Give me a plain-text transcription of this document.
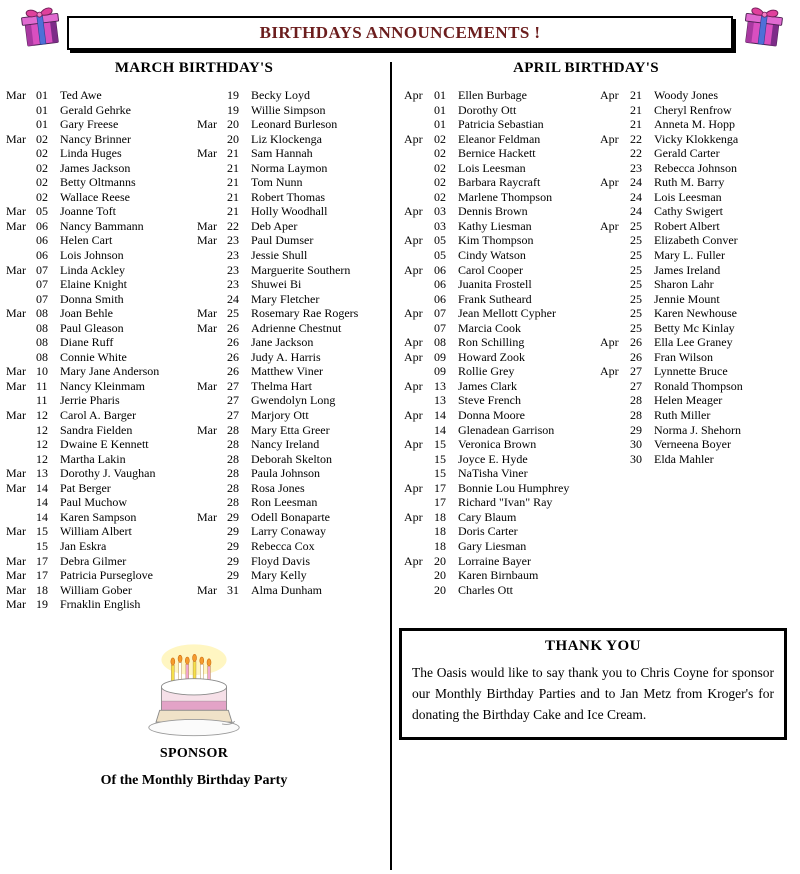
BIRTHDAYS ANNOUNCEMENTS !
MARCH BIRTHDAY'S
Mar 01	Ted Awe
01	Gerald Gehrke
01	Gary Freese
Mar 02	Nancy Brinner
02	Linda Huges
02	James Jackson
02	Betty Oltmanns
02	Wallace Reese
Mar 05	Joanne Toft
Mar 06	Nancy Bammann
06	Helen Cart
06	Lois Johnson
Mar 07	Linda Ackley
07	Elaine Knight
07	Donna Smith
Mar 08	Joan Behle
08	Paul Gleason
08	Diane Ruff
08	Connie White
Mar 10	Mary Jane Anderson
Mar 11	Nancy Kleinmam
11	Jerrie Pharis
Mar 12	Carol A. Barger
12	Sandra Fielden
12	Dwaine E Kennett
12	Martha Lakin
Mar 13	Dorothy J. Vaughan
Mar 14	Pat Berger
14	Paul Muchow
14	Karen Sampson
Mar 15	William Albert
15	Jan Eskra
Mar 17	Debra Gilmer
Mar 17	Patricia Purseglove
Mar 18	William Gober
Mar 19	Frnaklin English
19	Becky Loyd
19	Willie Simpson
Mar 20	Leonard Burleson
20	Liz Klockenga
Mar 21	Sam Hannah
21	Norma Laymon
21	Tom Nunn
21	Robert Thomas
21	Holly Woodhall
Mar 22	Deb Aper
Mar 23	Paul Dumser
23	Jessie Shull
23	Marguerite Southern
23	Shuwei Bi
24	Mary Fletcher
Mar 25	Rosemary Rae Rogers
Mar 26	Adrienne Chestnut
26	Jane Jackson
26	Judy A. Harris
26	Matthew Viner
Mar 27	Thelma Hart
27	Gwendolyn Long
27	Marjory Ott
Mar 28	Mary Etta Greer
28	Nancy Ireland
28	Deborah Skelton
28	Paula Johnson
28	Rosa Jones
28	Ron Leesman
Mar 29	Odell Bonaparte
29	Larry Conaway
29	Rebecca Cox
29	Floyd Davis
29	Mary Kelly
Mar 31	Alma Dunham
APRIL BIRTHDAY'S
Apr 01	Ellen Burbage
01	Dorothy Ott
01	Patricia Sebastian
Apr 02	Eleanor Feldman
02	Bernice Hackett
02	Lois Leesman
02	Barbara Raycraft
02	Marlene Thompson
Apr 03	Dennis Brown
03	Kathy Liesman
Apr 05	Kim Thompson
05	Cindy Watson
Apr 06	Carol Cooper
06	Juanita Frostell
06	Frank Sutheard
Apr 07	Jean Mellott Cypher
07	Marcia Cook
Apr 08	Ron Schilling
Apr 09	Howard Zook
09	Rollie Grey
Apr 13	James Clark
13	Steve French
Apr 14	Donna Moore
14	Glenadean Garrison
Apr 15	Veronica Brown
15	Joyce E. Hyde
15	NaTisha Viner
Apr 17	Bonnie Lou Humphrey
17	Richard "Ivan" Ray
Apr 18	Cary Blaum
18	Doris Carter
18	Gary Liesman
Apr 20	Lorraine Bayer
20	Karen Birnbaum
20	Charles Ott
Apr 21	Woody Jones
21	Cheryl Renfrow
21	Anneta M. Hopp
Apr 22	Vicky Klokkenga
22	Gerald Carter
23	Rebecca Johnson
Apr 24	Ruth M. Barry
24	Lois Leesman
24	Cathy Swigert
Apr 25	Robert Albert
25	Elizabeth Conver
25	Mary L. Fuller
25	James Ireland
25	Sharon Lahr
25	Jennie Mount
25	Karen Newhouse
25	Betty Mc Kinlay
Apr 26	Ella Lee Graney
26	Fran Wilson
Apr 27	Lynnette Bruce
27	Ronald Thompson
28	Helen Meager
28	Ruth Miller
29	Norma J. Shehorn
30	Verneena Boyer
30	Elda Mahler
SPONSOR
Of the Monthly Birthday Party
THANK YOU

The Oasis would like to say thank you to Chris Coyne for sponsor our Monthly Birthday Parties and to Jan Metz from Kroger's for donating the Birthday Cake and Ice Cream.
